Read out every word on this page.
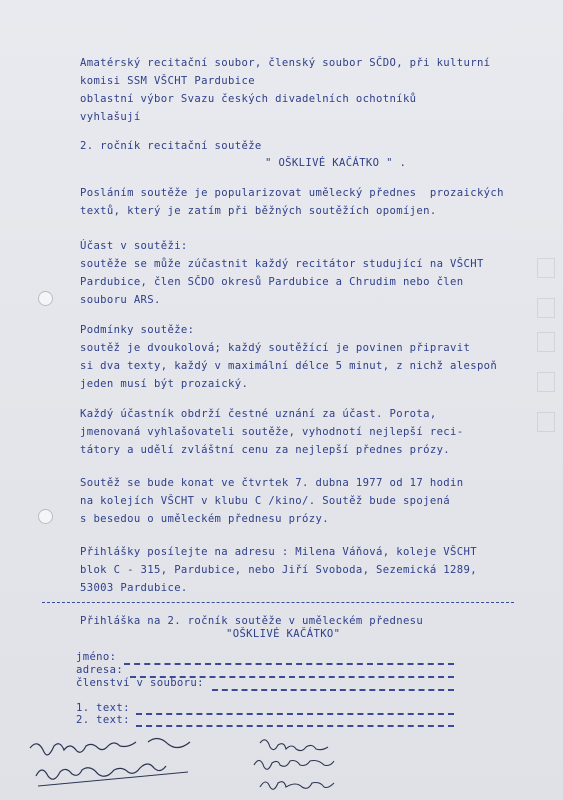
Amatérský recitační soubor, členský soubor SČDO, při kulturní
komisi SSM VŠCHT Pardubice
oblastní výbor Svazu českých divadelních ochotníků
vyhlašují
2. ročník recitační soutěže
" OŠKLIVÉ KAČÁTKO " .
Posláním soutěže je popularizovat umělecký přednes  prozaických
textů, který je zatím při běžných soutěžích opomíjen.
Účast v soutěži:
soutěže se může zúčastnit každý recitátor studující na VŠCHT
Pardubice, člen SČDO okresů Pardubice a Chrudim nebo člen
souboru ARS.
Podmínky soutěže:
soutěž je dvoukolová; každý soutěžící je povinen připravit
si dva texty, každý v maximální délce 5 minut, z nichž alespoň
jeden musí být prozaický.
Každý účastník obdrží čestné uznání za účast. Porota,
jmenovaná vyhlašovateli soutěže, vyhodnotí nejlepší reci-
tátory a udělí zvláštní cenu za nejlepší přednes prózy.
Soutěž se bude konat ve čtvrtek 7. dubna 1977 od 17 hodin
na kolejích VŠCHT v klubu C /kino/. Soutěž bude spojená
s besedou o uměleckém přednesu prózy.
Přihlášky posílejte na adresu : Milena Váňová, koleje VŠCHT
blok C - 315, Pardubice, nebo Jiří Svoboda, Sezemická 1289,
53003 Pardubice.
Přihláška na 2. ročník soutěže v uměleckém přednesu
"OŠKLIVÉ KAČÁTKO"
jméno:
adresa:
členství v souboru:
1. text:
2. text:
